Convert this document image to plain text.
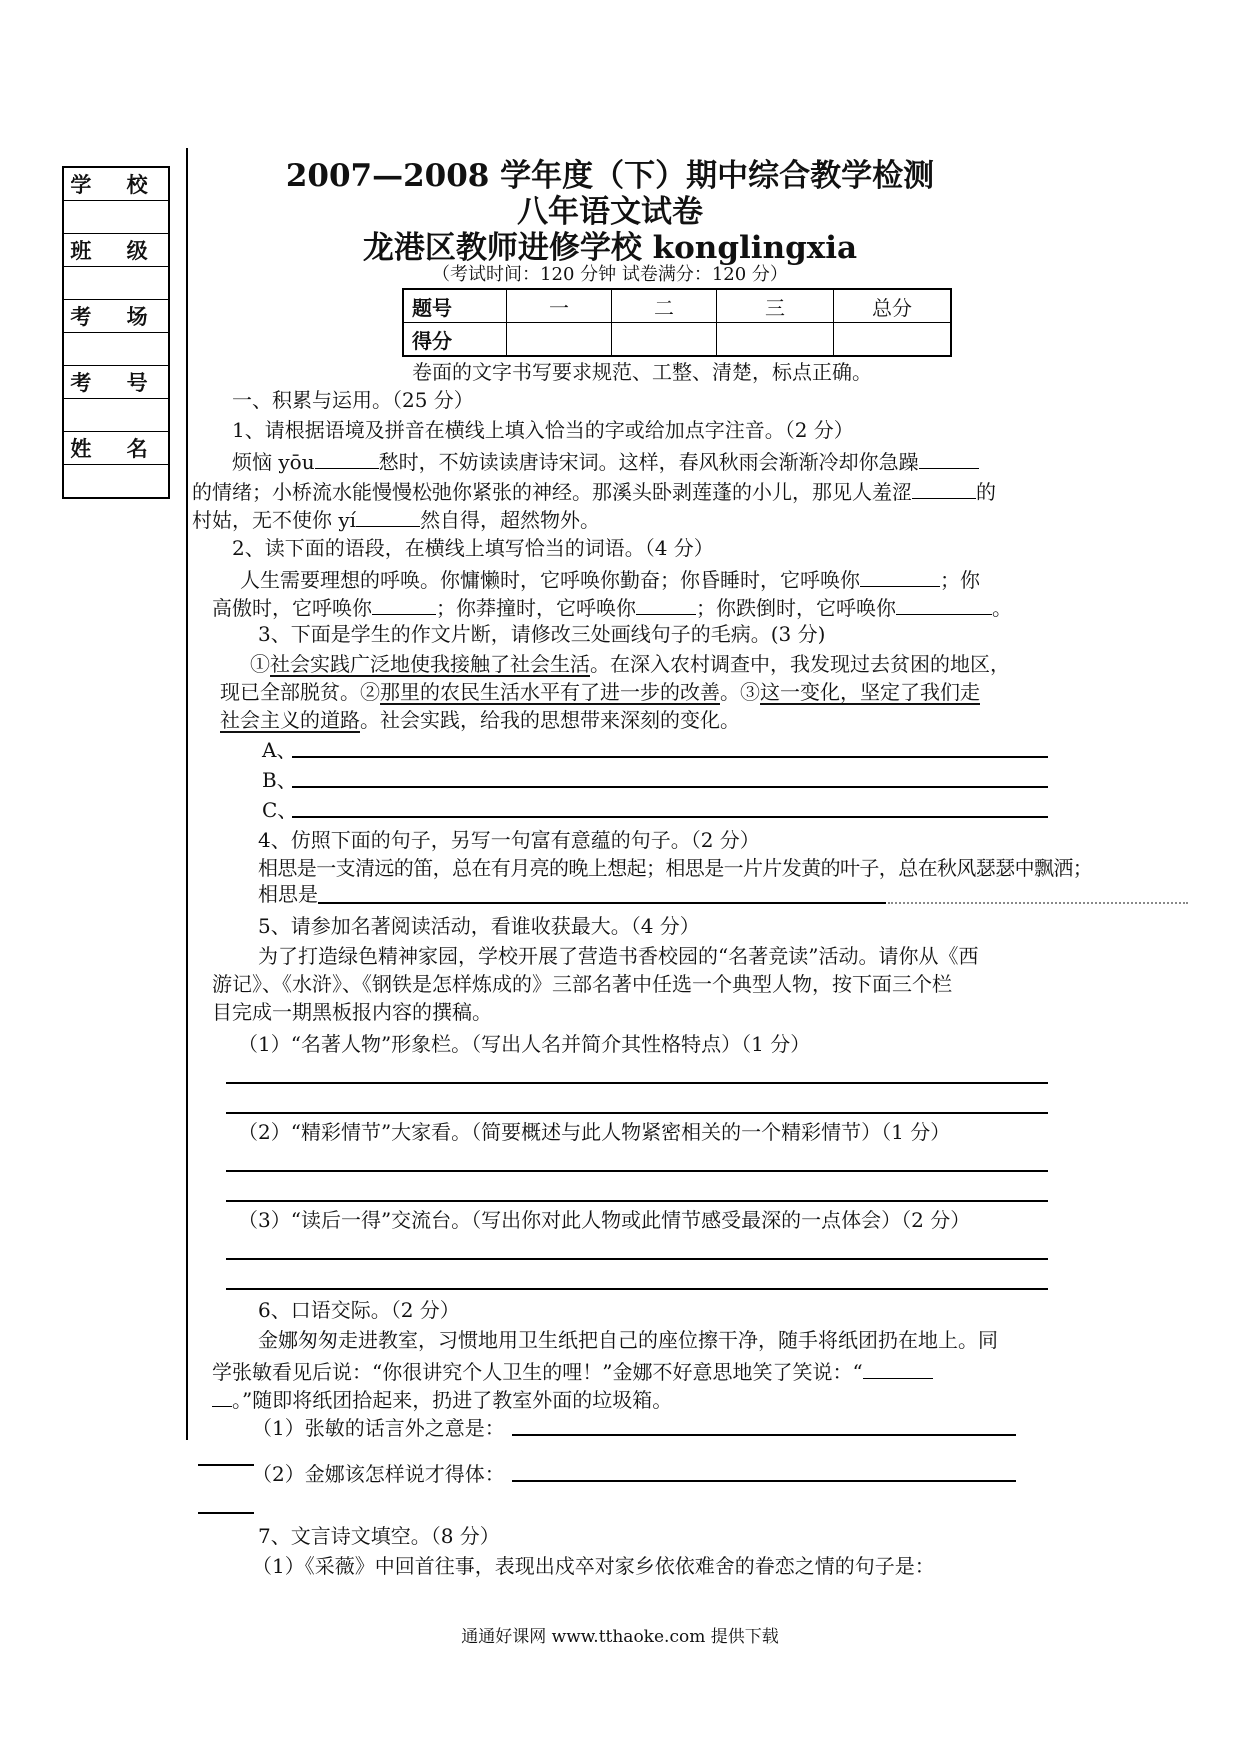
学 校

班 级

考 场

考 号

姓 名

2007—2008 学年度（下）期中综合教学检测
八年语文试卷
龙港区教师进修学校 konglingxia
（考试时间：120 分钟 试卷满分：120 分）
题号	一	二	三	总分
得分				
卷面的文字书写要求规范、工整、清楚，标点正确。
一、积累与运用。（25 分）
1、请根据语境及拼音在横线上填入恰当的字或给加点字注音。（2 分）
烦恼 yōu	愁时，不妨读读唐诗宋词。这样，春风秋雨会渐渐冷却你急躁
的情绪；小桥流水能慢慢松弛你紧张的神经。那溪头卧剥莲蓬的小儿，那见人羞涩	的
村姑，无不使你 yí	然自得，超然物外。
2、读下面的语段，在横线上填写恰当的词语。（4 分）
人生需要理想的呼唤。你慵懒时，它呼唤你勤奋；你昏睡时，它呼唤你	；你
高傲时，它呼唤你	；你莽撞时，它呼唤你	；你跌倒时，它呼唤你	。
3、下面是学生的作文片断，请修改三处画线句子的毛病。(3 分)
①社会实践广泛地使我接触了社会生活。在深入农村调查中，我发现过去贫困的地区，
现已全部脱贫。②那里的农民生活水平有了进一步的改善。③这一变化，坚定了我们走
社会主义的道路。社会实践，给我的思想带来深刻的变化。
A、
B、
C、
4、仿照下面的句子，另写一句富有意蕴的句子。（2 分）
相思是一支清远的笛，总在有月亮的晚上想起；相思是一片片发黄的叶子，总在秋风瑟瑟中飘洒；
相思是
5、请参加名著阅读活动，看谁收获最大。（4 分）
为了打造绿色精神家园，学校开展了营造书香校园的“名著竞读”活动。请你从《西
游记》、《水浒》、《钢铁是怎样炼成的》三部名著中任选一个典型人物，按下面三个栏
目完成一期黑板报内容的撰稿。
（1）“名著人物”形象栏。（写出人名并简介其性格特点）（1 分）
（2）“精彩情节”大家看。（简要概述与此人物紧密相关的一个精彩情节）（1 分）
（3）“读后一得”交流台。（写出你对此人物或此情节感受最深的一点体会）（2 分）
6、口语交际。（2 分）
金娜匆匆走进教室，习惯地用卫生纸把自己的座位擦干净，随手将纸团扔在地上。同
学张敏看见后说：“你很讲究个人卫生的哩！”金娜不好意思地笑了笑说：“
。”随即将纸团拾起来，扔进了教室外面的垃圾箱。
（1）张敏的话言外之意是：
（2）金娜该怎样说才得体：
7、文言诗文填空。（8 分）
（1）《采薇》中回首往事，表现出戍卒对家乡依依难舍的眷恋之情的句子是：
通通好课网 www.tthaoke.com 提供下载
